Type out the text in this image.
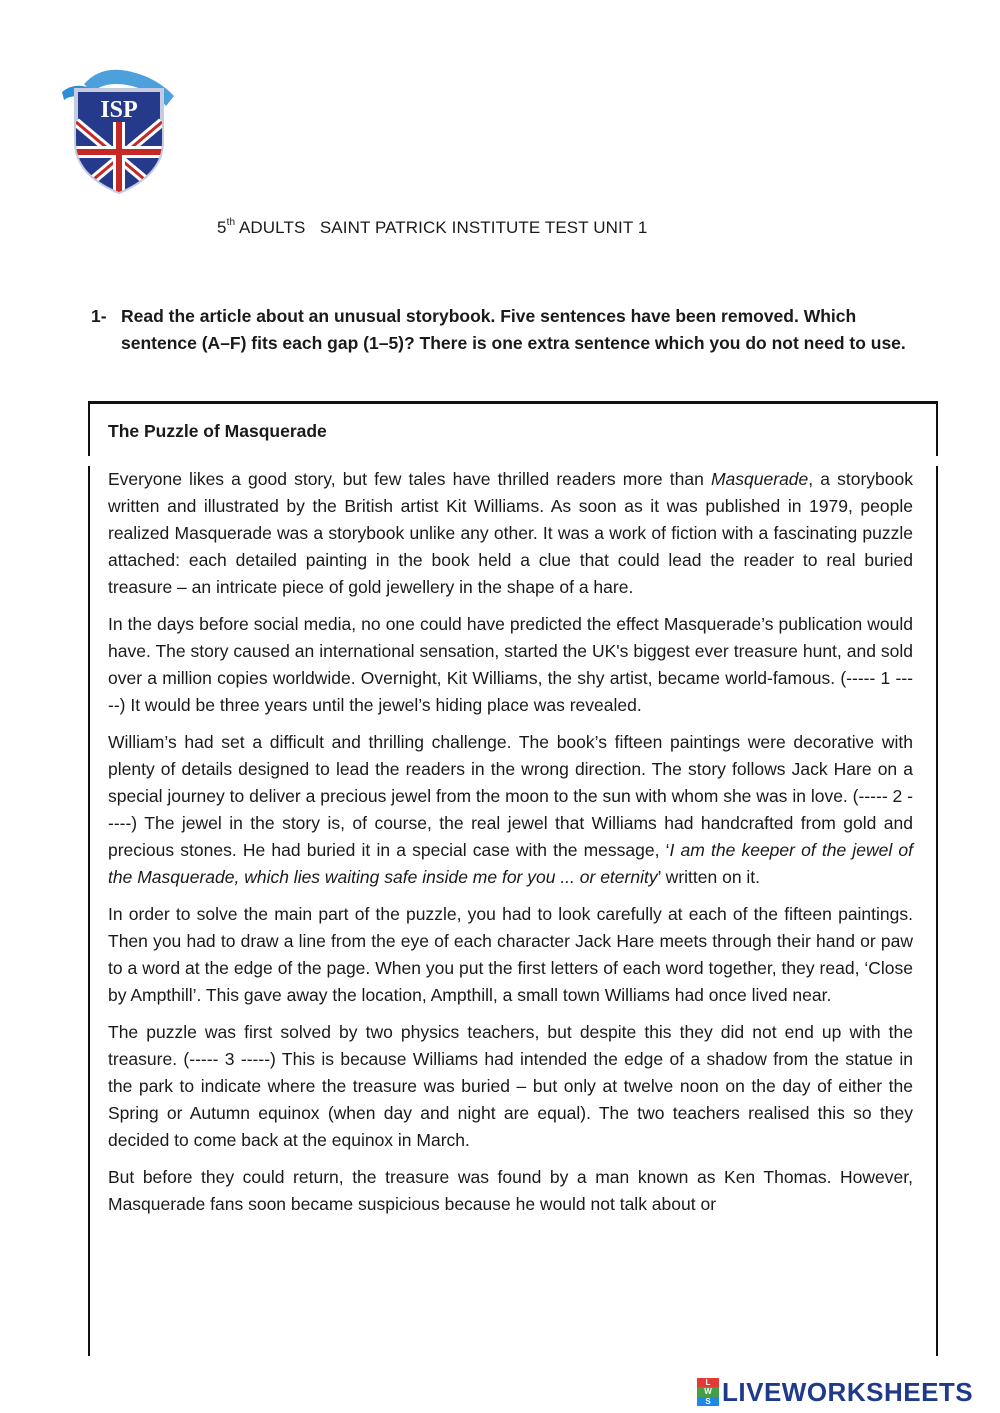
ISP
5th ADULTS   SAINT PATRICK INSTITUTE TEST UNIT 1
1- Read the article about an unusual storybook. Five sentences have been removed. Which sentence (A–F) fits each gap (1–5)? There is one extra sentence which you do not need to use.
The Puzzle of Masquerade

Everyone likes a good story, but few tales have thrilled readers more than Masquerade, a storybook written and illustrated by the British artist Kit Williams. As soon as it was published in 1979, people realized Masquerade was a storybook unlike any other. It was a work of fiction with a fascinating puzzle attached: each detailed painting in the book held a clue that could lead the reader to real buried treasure – an intricate piece of gold jewellery in the shape of a hare.

In the days before social media, no one could have predicted the effect Masquerade’s publication would have. The story caused an international sensation, started the UK's biggest ever treasure hunt, and sold over a million copies worldwide. Overnight, Kit Williams, the shy artist, became world-famous. (----- 1 -----) It would be three years until the jewel’s hiding place was revealed.

William’s had set a difficult and thrilling challenge. The book’s fifteen paintings were decorative with plenty of details designed to lead the readers in the wrong direction. The story follows Jack Hare on a special journey to deliver a precious jewel from the moon to the sun with whom she was in love. (----- 2 -----) The jewel in the story is, of course, the real jewel that Williams had handcrafted from gold and precious stones. He had buried it in a special case with the message, ‘I am the keeper of the jewel of the Masquerade, which lies waiting safe inside me for you ... or eternity’ written on it.

In order to solve the main part of the puzzle, you had to look carefully at each of the fifteen paintings. Then you had to draw a line from the eye of each character Jack Hare meets through their hand or paw to a word at the edge of the page. When you put the first letters of each word together, they read, ‘Close by Ampthill’. This gave away the location, Ampthill, a small town Williams had once lived near.

The puzzle was first solved by two physics teachers, but despite this they did not end up with the treasure. (----- 3 -----) This is because Williams had intended the edge of a shadow from the statue in the park to indicate where the treasure was buried – but only at twelve noon on the day of either the Spring or Autumn equinox (when day and night are equal). The two teachers realised this so they decided to come back at the equinox in March.

But before they could return, the treasure was found by a man known as Ken Thomas. However, Masquerade fans soon became suspicious because he would not talk about or

L
W
S LIVEWORKSHEETS
